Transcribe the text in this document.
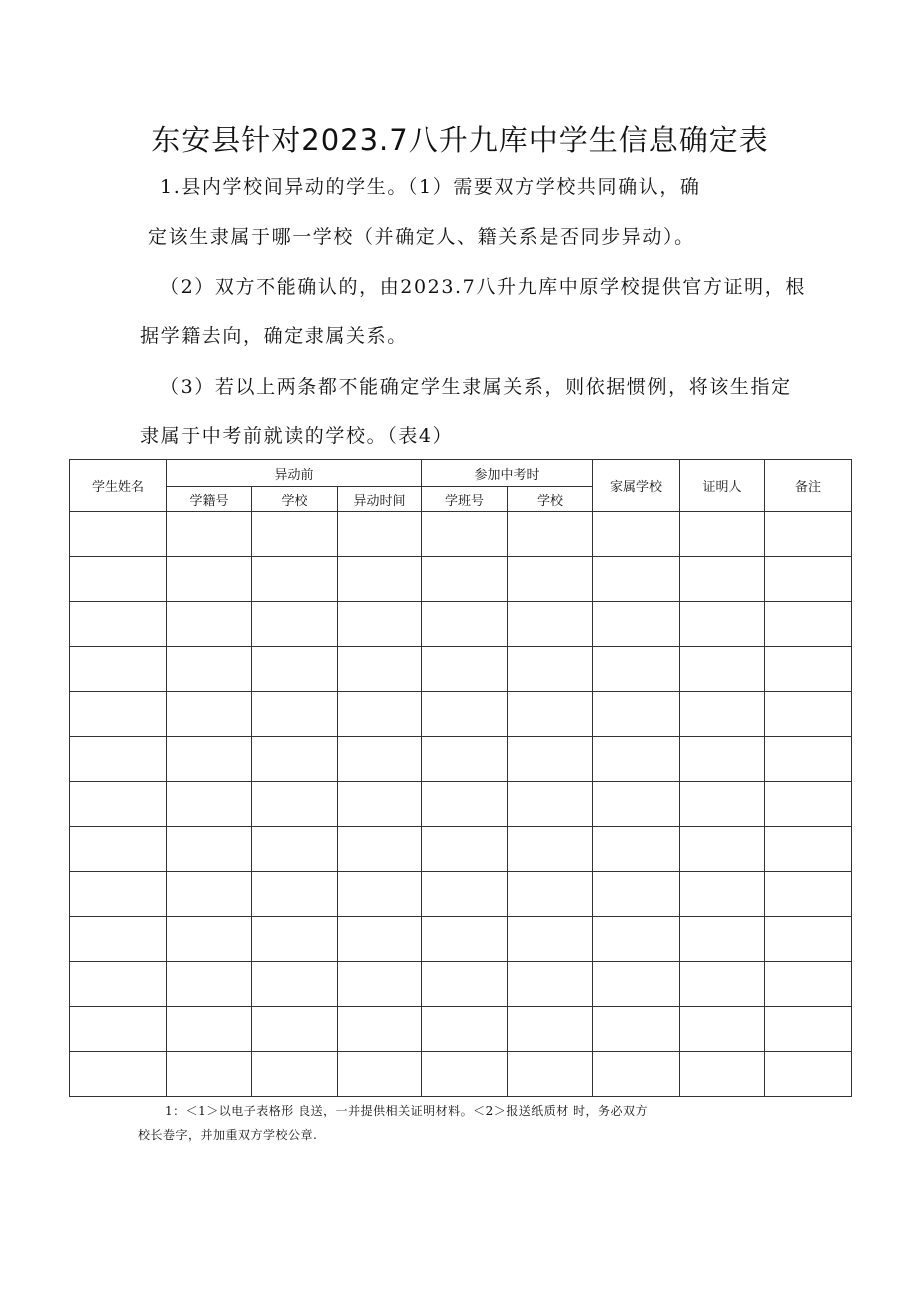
东安县针对2023.7八升九库中学生信息确定表
1.县内学校间异动的学生。（1）需要双方学校共同确认，确
定该生隶属于哪一学校（并确定人、籍关系是否同步异动）。
（2）双方不能确认的，由2023.7八升九库中原学校提供官方证明，根
据学籍去向，确定隶属关系。
（3）若以上两条都不能确定学生隶属关系，则依据惯例，将该生指定
隶属于中考前就读的学校。（表4）
学生姓名	异动前			参加中考时		家属学校	证明人	备注
	学籍号	学校	异动时间	学班号	学校			

1：＜1＞以电子表格形 良送，一并提供相关证明材料。＜2＞报送纸质材 时，务必双方
校长卷字，并加重双方学校公章.
